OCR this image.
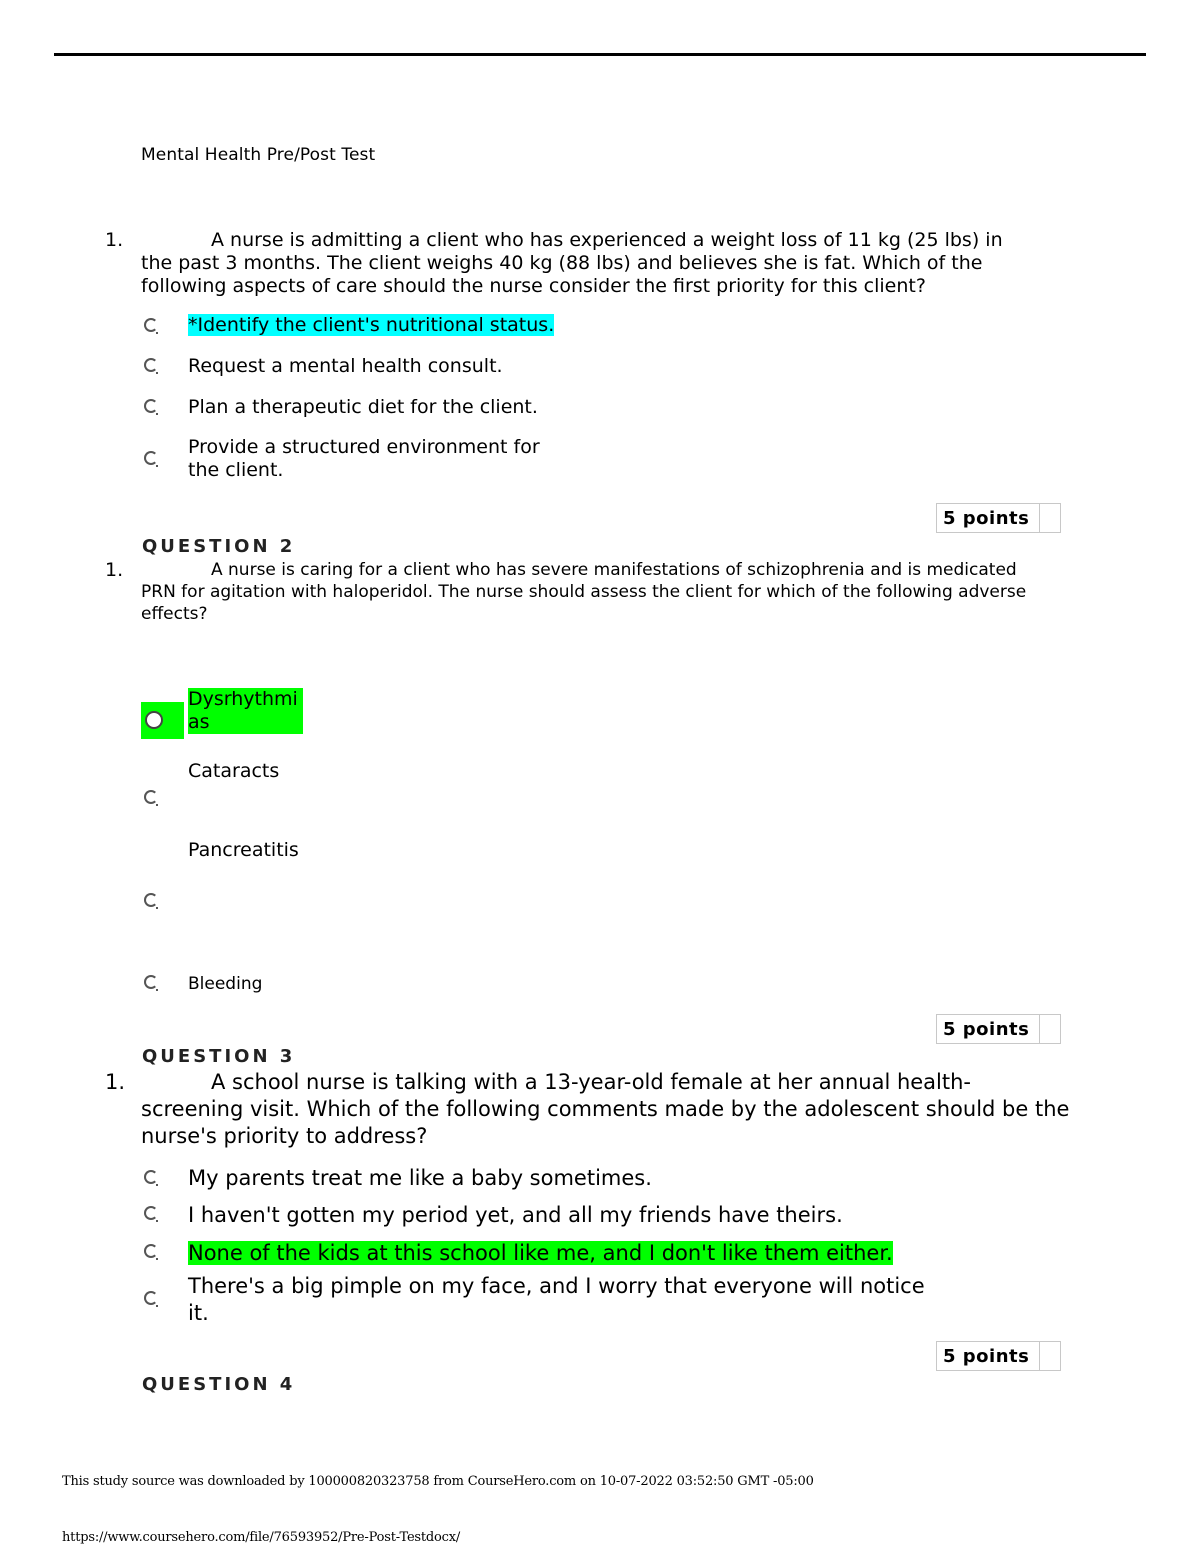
Mental Health Pre/Post Test
1.	A nurse is admitting a client who has experienced a weight loss of 11 kg (25 lbs) in
the past 3 months. The client weighs 40 kg (88 lbs) and believes she is fat. Which of the
following aspects of care should the nurse consider the first priority for this client?
*Identify the client's nutritional status.
Request a mental health consult.
Plan a therapeutic diet for the client.
Provide a structured environment for
the client.
5 points
QUESTION 2
1.	A nurse is caring for a client who has severe manifestations of schizophrenia and is medicated
PRN for agitation with haloperidol. The nurse should assess the client for which of the following adverse
effects?
Dysrhythmi
as
Cataracts
Pancreatitis
Bleeding
5 points
QUESTION 3
1.	A school nurse is talking with a 13-year-old female at her annual health-
screening visit. Which of the following comments made by the adolescent should be the
nurse's priority to address?
My parents treat me like a baby sometimes.
I haven't gotten my period yet, and all my friends have theirs.
None of the kids at this school like me, and I don't like them either.
There's a big pimple on my face, and I worry that everyone will notice
it.
5 points
QUESTION 4
This study source was downloaded by 100000820323758 from CourseHero.com on 10-07-2022 03:52:50 GMT -05:00
https://www.coursehero.com/file/76593952/Pre-Post-Testdocx/
